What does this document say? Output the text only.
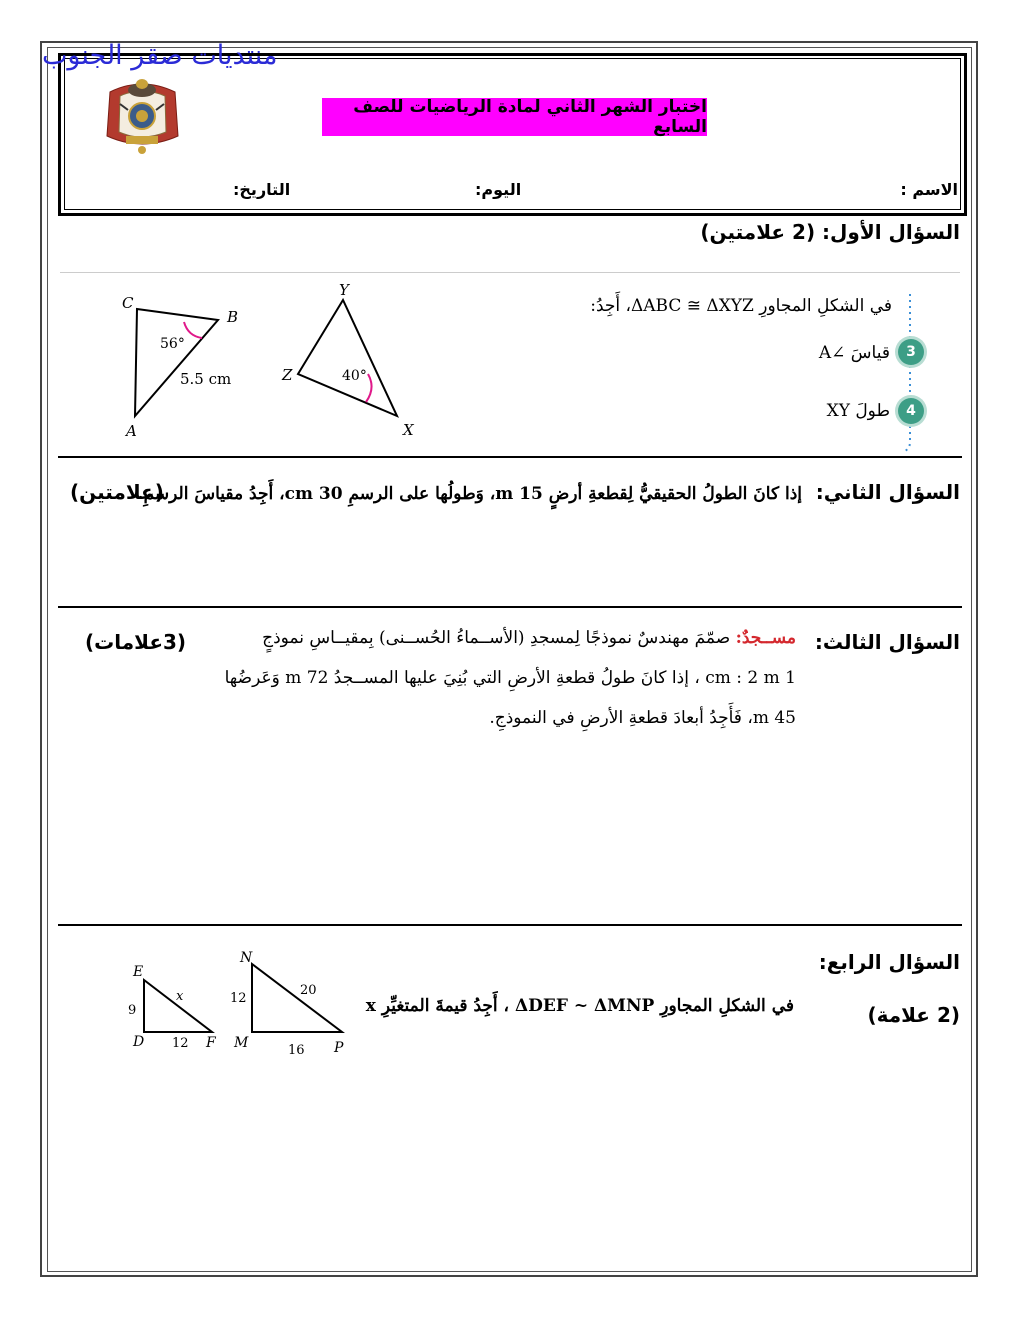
منتديات صقر الجنوب
اختبار الشهر الثاني لمادة الرياضيات للصف السابع
الاسم :
اليوم:
التاريخ:
السؤال الأول: (2 علامتين)
C
B
A
56°
5.5 cm
Y
Z
X
40°
في الشكلِ المجاورِ ΔABC ≅ ΔXYZ، أَجِدُ:
3
قياسَ ∠A
4
طولَ XY
السؤال الثاني:
إذا كانَ الطولُ الحقيقيُّ لِقطعةِ أرضٍ 15 m، وَطولُها على الرسمِ 30 cm، أَجِدُ مقياسَ الرسمِ.
(علامتين)
السؤال الثالث:
مســجدٌ: صمّمَ مهندسٌ نموذجًا لِمسجدِ (الأســماءُ الحُســنى) بِمقيــاسِ نموذجٍ
1 cm : 2 m ، إذا كانَ طولُ قطعةِ الأرضِ التي بُنِيَ عليها المســجدُ 72 m وَعَرضُها
45 m، فَأَجِدُ أبعادَ قطعةِ الأرضِ في النموذجِ.
(3علامات)
السؤال الرابع:
(2 علامة)
في الشكلِ المجاورِ ΔDEF ~ ΔMNP ، أَجِدُ قيمةَ المتغيِّرِ x
E
D	F
9
12
x
N
M	P
12
16
20
